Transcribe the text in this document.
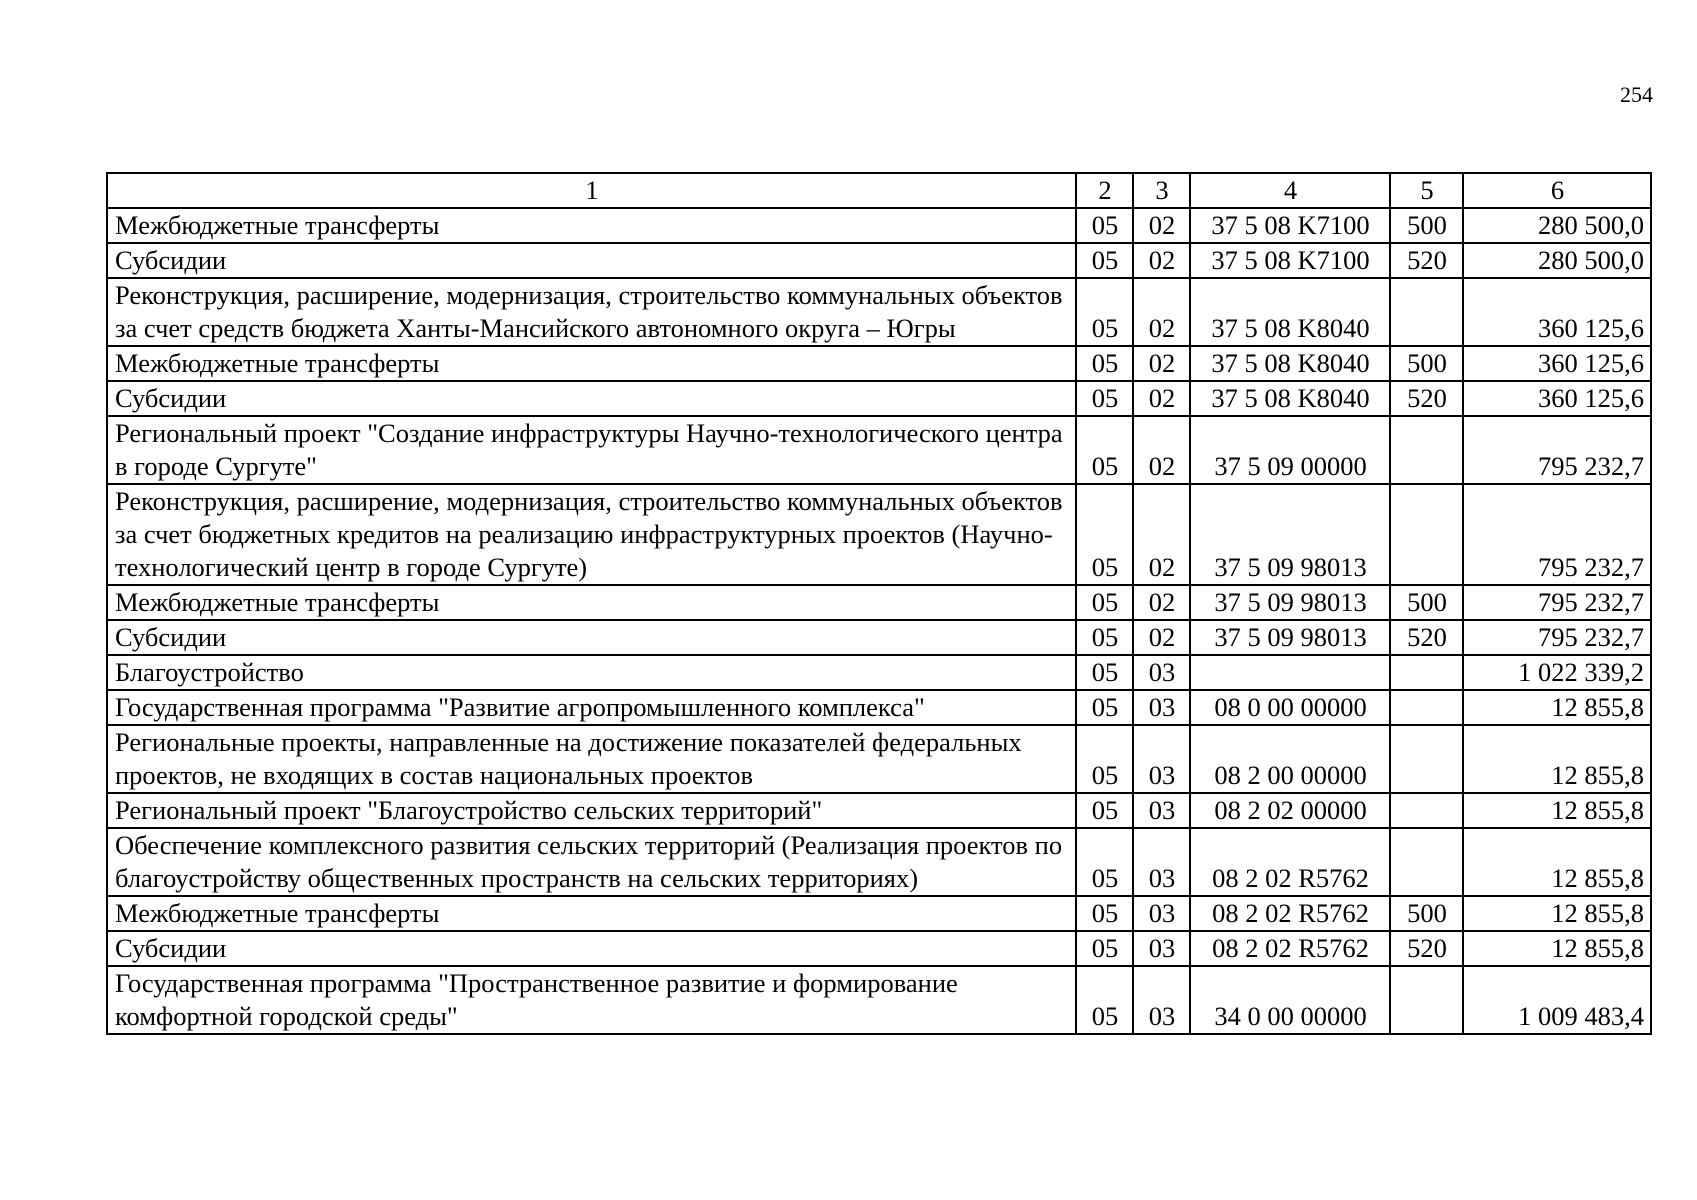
254
1	2	3	4	5	6
Межбюджетные трансферты	05	02	37 5 08 K7100	500	280 500,0
Субсидии	05	02	37 5 08 K7100	520	280 500,0
Реконструкция, расширение, модернизация, строительство коммунальных объектов за счет средств бюджета Ханты-Мансийского автономного округа – Югры	05	02	37 5 08 K8040		360 125,6
Межбюджетные трансферты	05	02	37 5 08 K8040	500	360 125,6
Субсидии	05	02	37 5 08 K8040	520	360 125,6
Региональный проект "Создание инфраструктуры Научно-технологического центра в городе Сургуте"	05	02	37 5 09 00000		795 232,7
Реконструкция, расширение, модернизация, строительство коммунальных объектов за счет бюджетных кредитов на реализацию инфраструктурных проектов (Научно-технологический центр в городе Сургуте)	05	02	37 5 09 98013		795 232,7
Межбюджетные трансферты	05	02	37 5 09 98013	500	795 232,7
Субсидии	05	02	37 5 09 98013	520	795 232,7
Благоустройство	05	03			1 022 339,2
Государственная программа "Развитие агропромышленного комплекса"	05	03	08 0 00 00000		12 855,8
Региональные проекты, направленные на достижение показателей федеральных проектов, не входящих в состав национальных проектов	05	03	08 2 00 00000		12 855,8
Региональный проект "Благоустройство сельских территорий"	05	03	08 2 02 00000		12 855,8
Обеспечение комплексного развития сельских территорий (Реализация проектов по благоустройству общественных пространств на сельских территориях)	05	03	08 2 02 R5762		12 855,8
Межбюджетные трансферты	05	03	08 2 02 R5762	500	12 855,8
Субсидии	05	03	08 2 02 R5762	520	12 855,8
Государственная программа "Пространственное развитие и формирование комфортной городской среды"	05	03	34 0 00 00000		1 009 483,4
